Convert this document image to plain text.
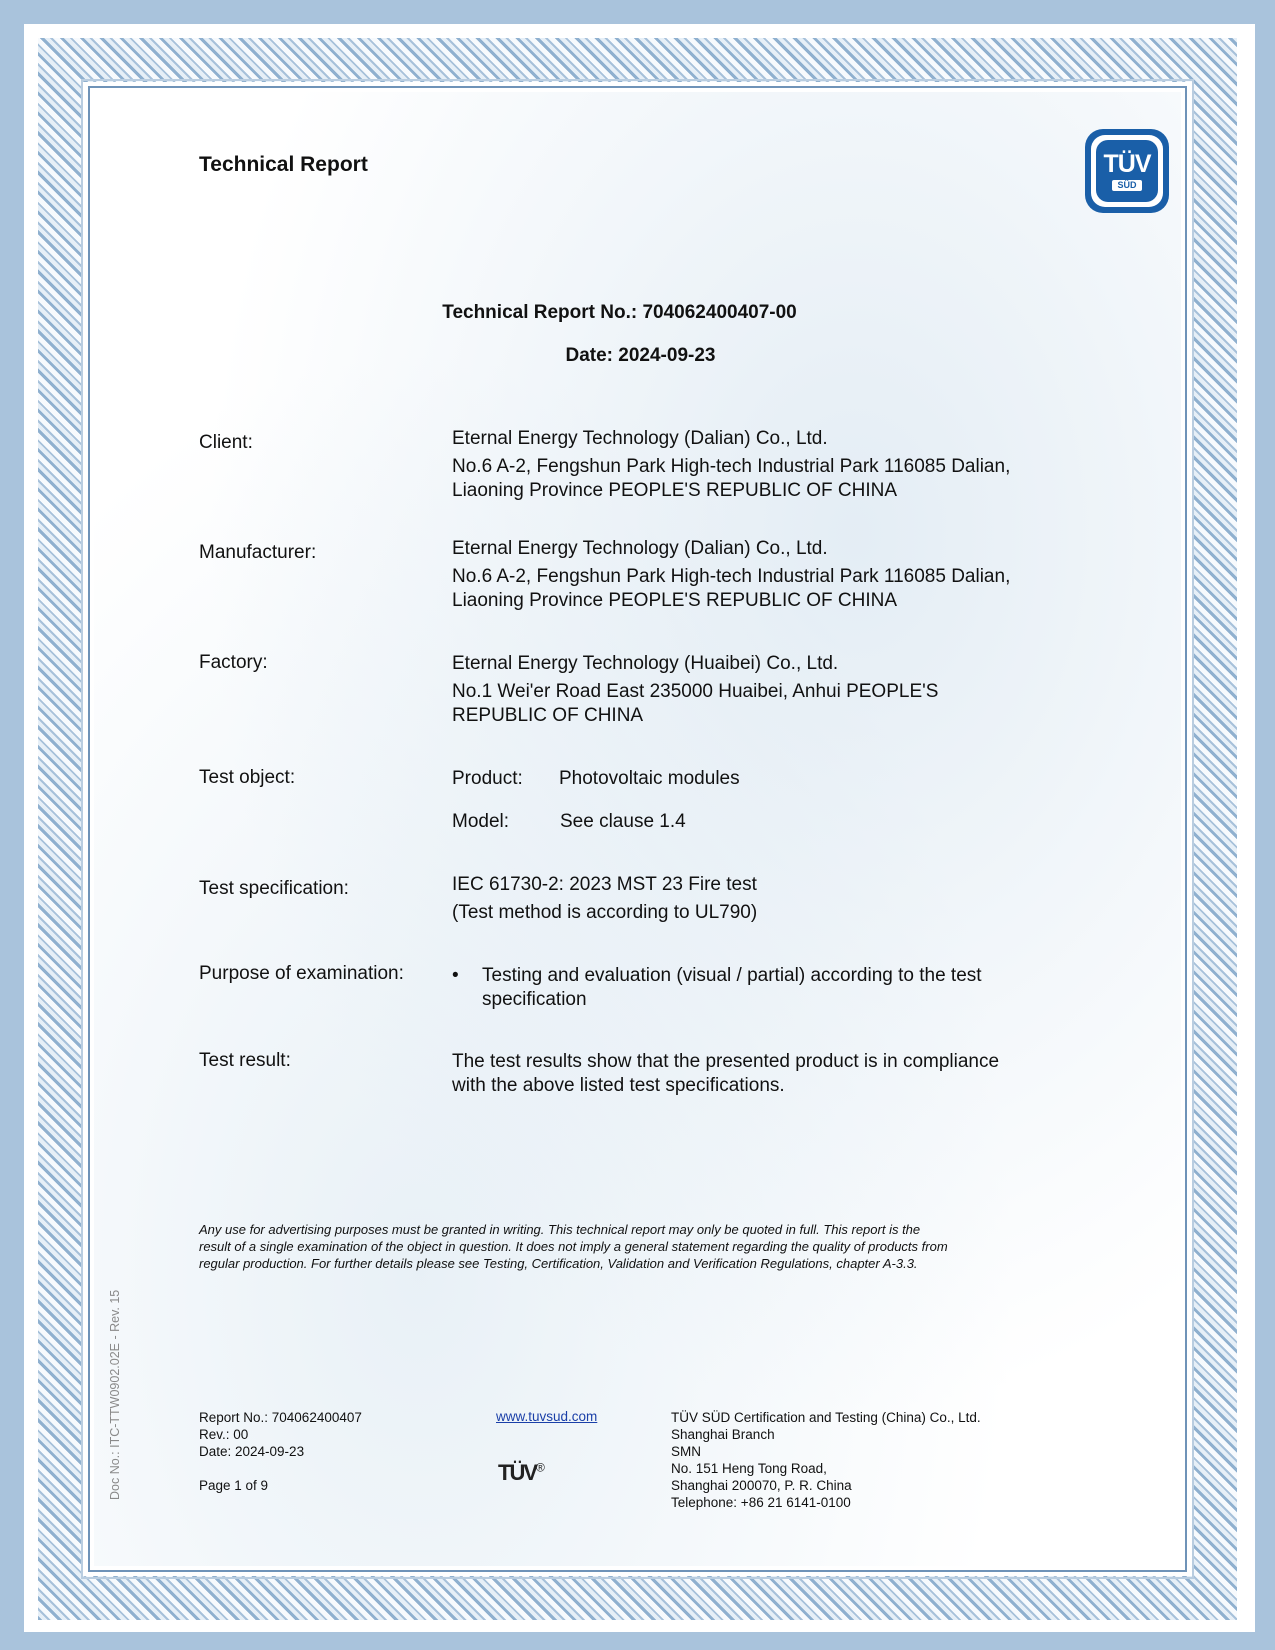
Technical Report	TÜV
SÜD
Technical Report No.: 704062400407-00
Date: 2024-09-23
Client:	Eternal Energy Technology (Dalian) Co., Ltd.
No.6 A-2, Fengshun Park High-tech Industrial Park 116085 Dalian,
Liaoning Province PEOPLE'S REPUBLIC OF CHINA
Manufacturer:	Eternal Energy Technology (Dalian) Co., Ltd.
No.6 A-2, Fengshun Park High-tech Industrial Park 116085 Dalian,
Liaoning Province PEOPLE'S REPUBLIC OF CHINA
Factory:	Eternal Energy Technology (Huaibei) Co., Ltd.
No.1 Wei'er Road East 235000 Huaibei, Anhui PEOPLE'S
REPUBLIC OF CHINA
Test object:	Product: Photovoltaic modules
Model:	See clause 1.4
Test specification:	IEC 61730-2: 2023 MST 23 Fire test
(Test method is according to UL790)
Purpose of examination:	•	Testing and evaluation (visual / partial) according to the test
specification
Test result:	The test results show that the presented product is in compliance
with the above listed test specifications.
Any use for advertising purposes must be granted in writing. This technical report may only be quoted in full. This report is the
result of a single examination of the object in question. It does not imply a general statement regarding the quality of products from
regular production. For further details please see Testing, Certification, Validation and Verification Regulations, chapter A-3.3.
Doc No.: ITC-TTW0902.02E - Rev. 15	Report No.: 704062400407
Rev.: 00
Date: 2024-09-23
Page 1 of 9
www.tuvsud.com
TÜV®
TÜV SÜD Certification and Testing (China) Co., Ltd.
Shanghai Branch
SMN
No. 151 Heng Tong Road,
Shanghai 200070, P. R. China
Telephone: +86 21 6141-0100
